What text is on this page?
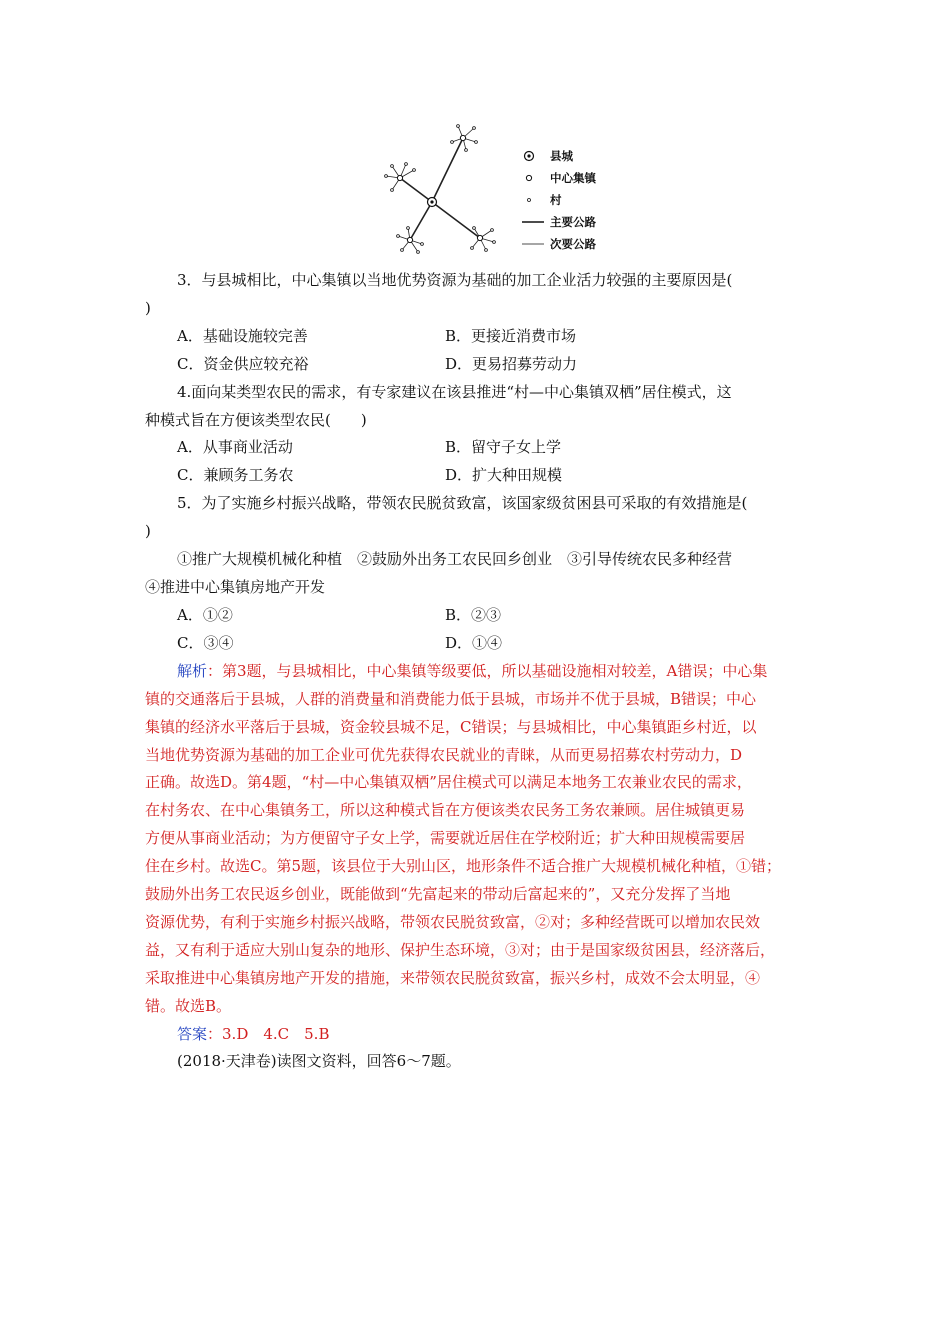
县城
中心集镇
村
主要公路
次要公路
3．与县城相比，中心集镇以当地优势资源为基础的加工企业活力较强的主要原因是(
)
A．基础设施较完善	B．更接近消费市场
C．资金供应较充裕	D．更易招募劳动力
4.面向某类型农民的需求，有专家建议在该县推进“村—中心集镇双栖”居住模式，这
种模式旨在方便该类型农民(　　)
A．从事商业活动	B．留守子女上学
C．兼顾务工务农	D．扩大种田规模
5．为了实施乡村振兴战略，带领农民脱贫致富，该国家级贫困县可采取的有效措施是(
)
①推广大规模机械化种植　②鼓励外出务工农民回乡创业　③引导传统农民多种经营
④推进中心集镇房地产开发
A．①②	B．②③
C．③④	D．①④
解析：第3题，与县城相比，中心集镇等级要低，所以基础设施相对较差，A错误；中心集
镇的交通落后于县城，人群的消费量和消费能力低于县城，市场并不优于县城，B错误；中心
集镇的经济水平落后于县城，资金较县城不足，C错误；与县城相比，中心集镇距乡村近，以
当地优势资源为基础的加工企业可优先获得农民就业的青睐，从而更易招募农村劳动力，D
正确。故选D。第4题，“村—中心集镇双栖”居住模式可以满足本地务工农兼业农民的需求，
在村务农、在中心集镇务工，所以这种模式旨在方便该类农民务工务农兼顾。居住城镇更易
方便从事商业活动；为方便留守子女上学，需要就近居住在学校附近；扩大种田规模需要居
住在乡村。故选C。第5题，该县位于大别山区，地形条件不适合推广大规模机械化种植，①错；
鼓励外出务工农民返乡创业，既能做到“先富起来的带动后富起来的”，又充分发挥了当地
资源优势，有利于实施乡村振兴战略，带领农民脱贫致富，②对；多种经营既可以增加农民效
益，又有利于适应大别山复杂的地形、保护生态环境，③对；由于是国家级贫困县，经济落后，
采取推进中心集镇房地产开发的措施，来带领农民脱贫致富，振兴乡村，成效不会太明显，④
错。故选B。
答案：3.D　4.C　5.B
(2018·天津卷)读图文资料，回答6～7题。
